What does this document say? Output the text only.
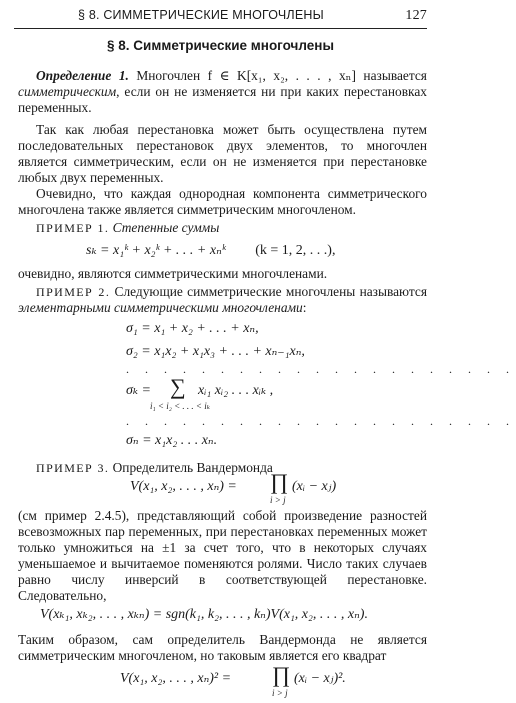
§ 8. СИММЕТРИЧЕСКИЕ МНОГОЧЛЕНЫ	127
§ 8. Симметрические многочлены
Определение 1. Многочлен f ∈ K[x₁, x₂, . . . , xₙ] называется симметрическим, если он не изменяется ни при каких перестановках переменных.
Так как любая перестановка может быть осуществлена путем последовательных перестановок двух элементов, то многочлен является симметрическим, если он не изменяется при перестановке любых двух переменных.
Очевидно, что каждая однородная компонента симметрического многочлена также является симметрическим многочленом.
ПРИМЕР 1. Степенные суммы
sₖ = x₁ᵏ + x₂ᵏ + . . . + xₙᵏ (k = 1, 2, . . .),
очевидно, являются симметрическими многочленами.
ПРИМЕР 2. Следующие симметрические многочлены называются элементарными симметрическими многочленами:
σ₁ = x₁ + x₂ + . . . + xₙ,
σ₂ = x₁x₂ + x₁x₃ + . . . + xₙ₋₁xₙ,
. . . . . . . . . . . . . . . . . . . . .
σₖ = ∑ xᵢ₁ xᵢ₂ . . . xᵢₖ ,
i₁ < i₂ < . . . < iₖ
. . . . . . . . . . . . . . . . . . . . .
σₙ = x₁x₂ . . . xₙ.
ПРИМЕР 3. Определитель Вандермонда
V(x₁, x₂, . . . , xₙ) = ∏ (xᵢ − xⱼ)
i > j
(см пример 2.4.5), представляющий собой произведение разностей всевозможных пар переменных, при перестановках переменных может только умножиться на ±1 за счет того, что в некоторых случаях уменьшаемое и вычитаемое поменяются ролями. Число таких случаев равно числу инверсий в соответствующей перестановке. Следовательно,
V(xₖ₁, xₖ₂, . . . , xₖₙ) = sgn(k₁, k₂, . . . , kₙ)V(x₁, x₂, . . . , xₙ).
Таким образом, сам определитель Вандермонда не является симметрическим многочленом, но таковым является его квадрат
V(x₁, x₂, . . . , xₙ)² = ∏ (xᵢ − xⱼ)².
i > j
